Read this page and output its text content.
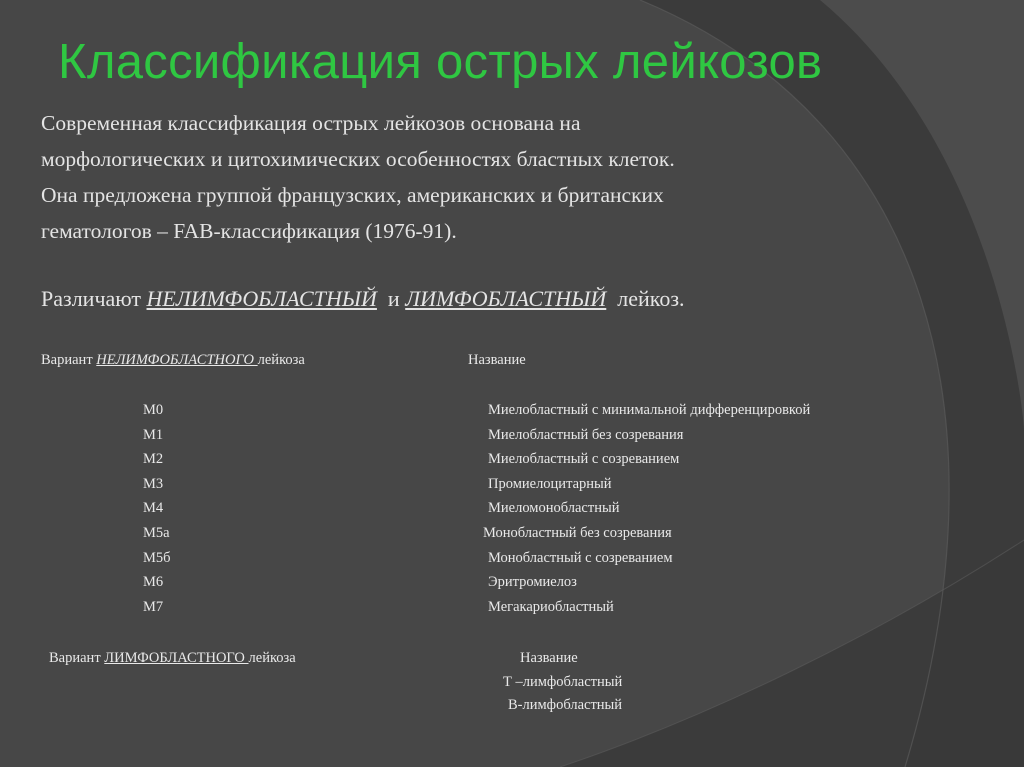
Классификация острых лейкозов

Современная классификация острых лейкозов основана на

морфологических и цитохимических особенностях бластных клеток.

Она предложена группой французских, американских и британских

гематологов – FAB-классификация (1976-91).

Различают НЕЛИМФОБЛАСТНЫЙ  и ЛИМФОБЛАСТНЫЙ  лейкоз.
Вариант НЕЛИМФОБЛАСТНОГО лейкоза	Название
М0
М1
М2
М3
М4
М5а
М5б
М6
М7
Миелобластный с минимальной дифференцировкой
Миелобластный без созревания
Миелобластный с созреванием
Промиелоцитарный
Миеломонобластный
Монобластный без созревания
Монобластный с созреванием
Эритромиелоз
Мегакариобластный
Вариант ЛИМФОБЛАСТНОГО лейкоза	Название
Т –лимфобластный
В-лимфобластный
